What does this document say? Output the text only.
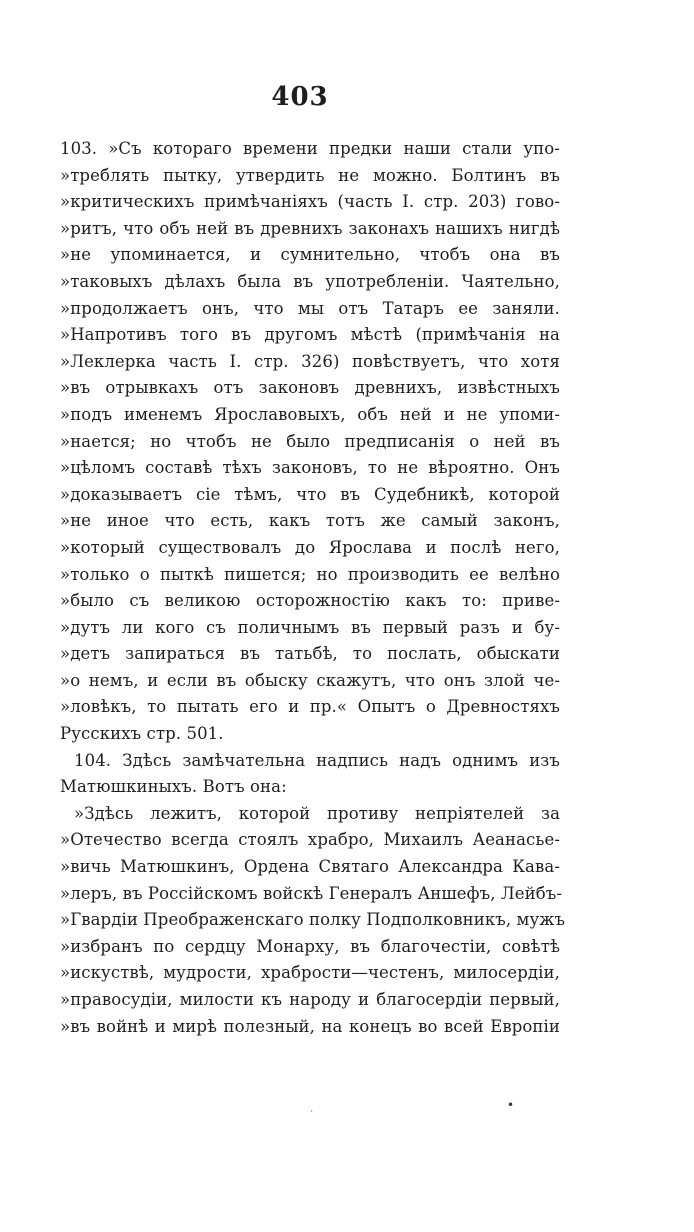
403
103. »Съ котораго времени предки наши стали упо-
»треблять пытку, утвердить не можно. Болтинъ въ
»критическихъ примѣчаніяхъ (часть I. стр. 203) гово-
»ритъ, что объ ней въ древнихъ законахъ нашихъ нигдѣ
»не упоминается, и сумнительно, чтобъ она въ
»таковыхъ дѣлахъ была въ употребленіи. Чаятельно,
»продолжаетъ онъ, что мы отъ Татаръ ее заняли.
»Напротивъ того въ другомъ мѣстѣ (примѣчанія на
»Леклерка часть I. стр. 326) повѣствуетъ, что хотя
»въ отрывкахъ отъ законовъ древнихъ, извѣстныхъ
»подъ именемъ Ярославовыхъ, объ ней и не упоми-
»нается; но чтобъ не было предписанія о ней въ
»цѣломъ составѣ тѣхъ законовъ, то не вѣроятно. Онъ
»доказываетъ сіе тѣмъ, что въ Судебникѣ, которой
»не иное что есть, какъ тотъ же самый законъ,
»который существовалъ до Ярослава и послѣ него,
»только о пыткѣ пишется; но производить ее велѣно
»было съ великою осторожностію какъ то: приве-
»дутъ ли кого съ поличнымъ въ первый разъ и бу-
»детъ запираться въ татьбѣ, то послать, обыскати
»о немъ, и если въ обыску скажутъ, что онъ злой че-
»ловѣкъ, то пытать его и пр.« Опытъ о Древностяхъ
Русскихъ стр. 501.
104. Здѣсь замѣчательна надпись надъ однимъ изъ
Матюшкиныхъ. Вотъ она:
»Здѣсь лежитъ, которой противу непріятелей за
»Отечество всегда стоялъ храбро, Михаилъ Аеанасье-
»вичь Матюшкинъ, Ордена Святаго Александра Кава-
»леръ, въ Россійскомъ войскѣ Генералъ Аншефъ, Лейбъ-
»Гвардіи Преображенскаго полку Подполковникъ, мужъ
»избранъ по сердцу Монарху, въ благочестіи, совѣтѣ
»искуствѣ, мудрости, храбрости—честенъ, милосердіи,
»правосудіи, милости къ народу и благосердіи первый,
»въ войнѣ и мирѣ полезный, на конецъ во всей Европіи
•
`
